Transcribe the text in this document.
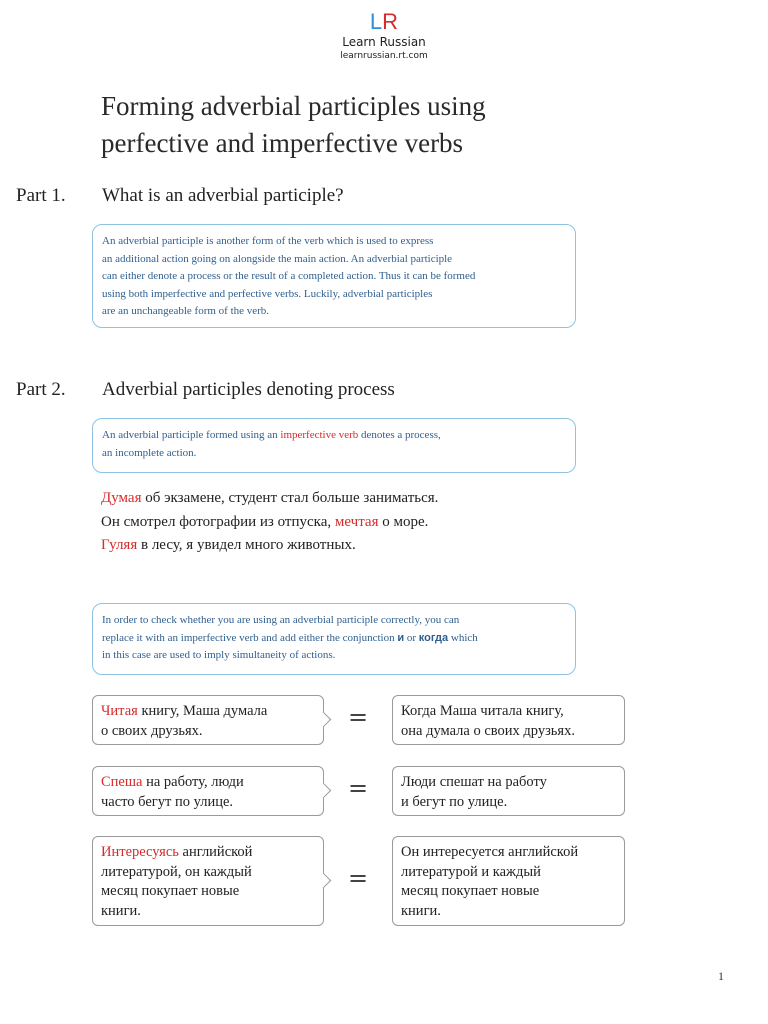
LR
Learn Russian
learnrussian.rt.com
Forming adverbial participles using
perfective and imperfective verbs
Part 1. What is an adverbial participle?
An adverbial participle is another form of the verb which is used to express
an additional action going on alongside the main action. An adverbial participle
can either denote a process or the result of a completed action. Thus it can be formed
using both imperfective and perfective verbs. Luckily, adverbial participles
are an unchangeable form of the verb.
Part 2. Adverbial participles denoting process
An adverbial participle formed using an imperfective verb denotes a process,
an incomplete action.
Думая об экзамене, студент стал больше заниматься.
Он смотрел фотографии из отпуска, мечтая о море.
Гуляя в лесу, я увидел много животных.
In order to check whether you are using an adverbial participle correctly, you can
replace it with an imperfective verb and add either the conjunction и or когда which
in this case are used to imply simultaneity of actions.
Читая книгу, Маша думала
о своих друзьях.	= Когда Маша читала книгу,
она думала о своих друзьях.
Спеша на работу, люди
часто бегут по улице.	= Люди спешат на работу
и бегут по улице.
Интересуясь английской
литературой, он каждый
месяц покупает новые
книги.
=
Он интересуется английской
литературой и каждый
месяц покупает новые
книги.
1
